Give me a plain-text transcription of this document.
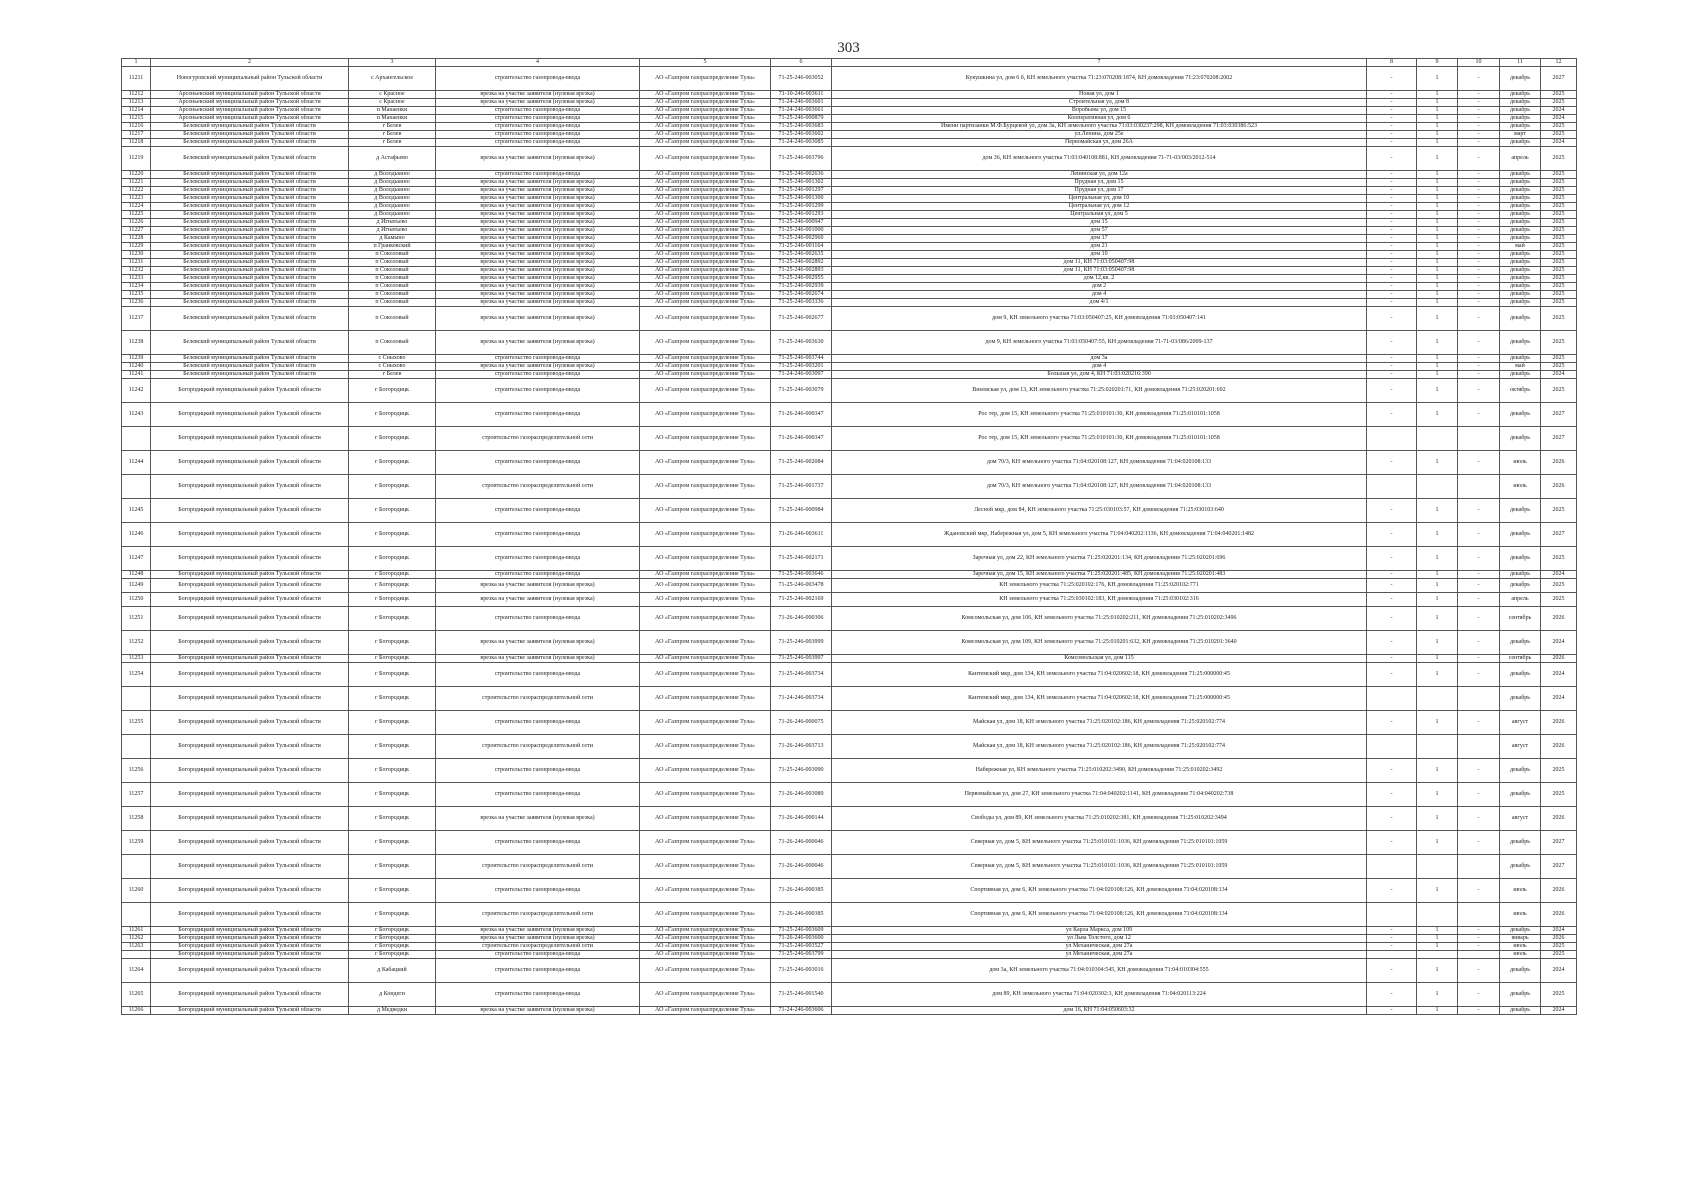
303
1	2	3	4	5	6	7	8	9	10	11	12
11211	Новогуровский муниципальный район Тульской области	с Архангельское	строительство газопровода-ввода	АО «Газпром газораспределение Тула»	71-25-246-003052	Кукушкина ул, дом 6 б, КН земельного участка 71:23:070208:1874, КН домовладения 71:23:070208:2002	-	1	-	декабрь	2027
11212	Арсеньевский муниципальный район Тульской области	с Красное	врезка на участке заявителя (нулевая врезка)	АО «Газпром газораспределение Тула»	71-10-246-003611	Новая ул, дом 1	-	1	-	декабрь	2025
11213	Арсеньевский муниципальный район Тульской области	с Красное	врезка на участке заявителя (нулевая врезка)	АО «Газпром газораспределение Тула»	71-24-246-003601	Строительная ул, дом 8	-	1	-	декабрь	2025
11214	Арсеньевский муниципальный район Тульской области	п Манаенки	строительство газопровода-ввода	АО «Газпром газораспределение Тула»	71-24-246-003661	Воробьева ул, дом 15	-	1	-	декабрь	2024
11215	Арсеньевский муниципальный район Тульской области	п Манаенки	строительство газопровода-ввода	АО «Газпром газораспределение Тула»	71-25-246-000879	Кооперативная ул, дом 6	-	1	-	декабрь	2024
11216	Белевский муниципальный район Тульской области	г Белев	строительство газопровода-ввода	АО «Газпром газораспределение Тула»	71-25-246-003683	Имени партизанки М.Ф.Бурцевой ул, дом 3а, КН земельного участка 71:03:030237:298, КН домовладения 71:03:030386:523	-	1	-	декабрь	2025
11217	Белевский муниципальный район Тульской области	г Белев	строительство газопровода-ввода	АО «Газпром газораспределение Тула»	71-25-246-003602	ул.Ленина, дом 25е	-	1	-	март	2025
11218	Белевский муниципальный район Тульской области	г Белев	строительство газопровода-ввода	АО «Газпром газораспределение Тула»	71-24-246-003085	Первомайская ул, дом 26А	-	1	-	декабрь	2024
11219	Белевский муниципальный район Тульской области	д Астафьево	врезка на участке заявителя (нулевая врезка)	АО «Газпром газораспределение Тула»	71-25-246-003796	дом 36, КН земельного участка 71:03:040108:881, КН домовладения 71-71-03/003/2012-514	-	1	-	апрель	2025
11220	Белевский муниципальный район Тульской области	д Володькино	строительство газопровода-ввода	АО «Газпром газораспределение Тула»	71-25-246-002636	Ленинская ул, дом 12а	-	1	-	декабрь	2025
11221	Белевский муниципальный район Тульской области	д Володькино	врезка на участке заявителя (нулевая врезка)	АО «Газпром газораспределение Тула»	71-25-246-001302	Прудная ул, дом 15	-	1	-	декабрь	2025
11222	Белевский муниципальный район Тульской области	д Володькино	врезка на участке заявителя (нулевая врезка)	АО «Газпром газораспределение Тула»	71-25-246-001297	Прудная ул, дом 17	-	1	-	декабрь	2025
11223	Белевский муниципальный район Тульской области	д Володькино	врезка на участке заявителя (нулевая врезка)	АО «Газпром газораспределение Тула»	71-25-246-001300	Центральная ул, дом 10	-	1	-	декабрь	2025
11224	Белевский муниципальный район Тульской области	д Володькино	врезка на участке заявителя (нулевая врезка)	АО «Газпром газораспределение Тула»	71-25-246-001299	Центральная ул, дом 12	-	1	-	декабрь	2025
11225	Белевский муниципальный район Тульской области	д Володькино	врезка на участке заявителя (нулевая врезка)	АО «Газпром газораспределение Тула»	71-25-246-001293	Центральная ул, дом 5	-	1	-	декабрь	2025
11226	Белевский муниципальный район Тульской области	д Игнатьево	врезка на участке заявителя (нулевая врезка)	АО «Газпром газораспределение Тула»	71-25-246-000947	дом 15	-	1	-	декабрь	2025
11227	Белевский муниципальный район Тульской области	д Игнатьево	врезка на участке заявителя (нулевая врезка)	АО «Газпром газораспределение Тула»	71-25-246-001000	дом 57	-	1	-	декабрь	2025
11228	Белевский муниципальный район Тульской области	д Камыно	врезка на участке заявителя (нулевая врезка)	АО «Газпром газораспределение Тула»	71-25-246-002960	дом 17	-	1	-	декабрь	2025
11229	Белевский муниципальный район Тульской области	п Гранковский	врезка на участке заявителя (нулевая врезка)	АО «Газпром газораспределение Тула»	71-25-246-001164	дом 21	-	1	-	май	2025
11230	Белевский муниципальный район Тульской области	п Соколовый	врезка на участке заявителя (нулевая врезка)	АО «Газпром газораспределение Тула»	71-25-246-002635	дом 10	-	1	-	декабрь	2025
11231	Белевский муниципальный район Тульской области	п Соколовый	врезка на участке заявителя (нулевая врезка)	АО «Газпром газораспределение Тула»	71-25-246-002892	дом 11, КН 71:03:050407:98	-	1	-	декабрь	2025
11232	Белевский муниципальный район Тульской области	п Соколовый	врезка на участке заявителя (нулевая врезка)	АО «Газпром газораспределение Тула»	71-25-246-002893	дом 11, КН 71:03:050407:98	-	1	-	декабрь	2025
11233	Белевский муниципальный район Тульской области	п Соколовый	врезка на участке заявителя (нулевая врезка)	АО «Газпром газораспределение Тула»	71-25-246-002955	дом 12,кв. 2	-	1	-	декабрь	2025
11234	Белевский муниципальный район Тульской области	п Соколовый	врезка на участке заявителя (нулевая врезка)	АО «Газпром газораспределение Тула»	71-25-246-002939	дом 2	-	1	-	декабрь	2025
11235	Белевский муниципальный район Тульской области	п Соколовый	врезка на участке заявителя (нулевая врезка)	АО «Газпром газораспределение Тула»	71-25-246-002674	дом 4	-	1	-	декабрь	2025
11236	Белевский муниципальный район Тульской области	п Соколовый	врезка на участке заявителя (нулевая врезка)	АО «Газпром газораспределение Тула»	71-25-246-003336	дом 4/1	-	1	-	декабрь	2025
11237	Белевский муниципальный район Тульской области	п Соколовый	врезка на участке заявителя (нулевая врезка)	АО «Газпром газораспределение Тула»	71-25-246-002677	дом 9, КН земельного участка 71:03:050407:25, КН домовладения 71:03:050407:141	-	1	-	декабрь	2025
11238	Белевский муниципальный район Тульской области	п Соколовый	врезка на участке заявителя (нулевая врезка)	АО «Газпром газораспределение Тула»	71-25-246-003630	дом 9, КН земельного участка 71:03:050407:55, КН домовладения 71-71-03/086/2009-137	-	1	-	декабрь	2025
11239	Белевский муниципальный район Тульской области	с Сныхово	строительство газопровода-ввода	АО «Газпром газораспределение Тула»	71-25-246-003744	дом 3а	-	1	-	декабрь	2025
11240	Белевский муниципальный район Тульской области	с Сныхово	врезка на участке заявителя (нулевая врезка)	АО «Газпром газораспределение Тула»	71-25-246-003201	дом 4	-	1	-	май	2025
11241	Белевский муниципальный район Тульской области	г Белев	строительство газопровода-ввода	АО «Газпром газораспределение Тула»	71-24-246-003097	Большая ул, дом 4, КН 71:03:020216:390	-	1	-	декабрь	2024
11242	Богородицкий муниципальный район Тульской области	г Богородицк	строительство газопровода-ввода	АО «Газпром газораспределение Тула»	71-25-246-003079	Вяземская ул, дом 13, КН земельного участка 71:25:020201:71, КН домовладения 71:25:020201:692	-	1	-	октябрь	2025
11243	Богородицкий муниципальный район Тульской области	г Богородицк	строительство газопровода-ввода	АО «Газпром газораспределение Тула»	71-26-246-000347	Рос тер, дом 15, КН земельного участка 71:25:010101:30, КН домовладения 71:25:010101:1058	-	1	-	декабрь	2027
	Богородицкий муниципальный район Тульской области	г Богородицк	строительство газораспределительной сети	АО «Газпром газораспределение Тула»	71-26-246-000347	Рос тер, дом 15, КН земельного участка 71:25:010101:30, КН домовладения 71:25:010101:1058				декабрь	2027
11244	Богородицкий муниципальный район Тульской области	г Богородицк	строительство газопровода-ввода	АО «Газпром газораспределение Тула»	71-25-246-002084	дом 70/3, КН земельного участка 71:04:020108:127, КН домовладения 71:04:020108:133	-	1	-	июль	2026
	Богородицкий муниципальный район Тульской области	г Богородицк	строительство газораспределительной сети	АО «Газпром газораспределение Тула»	71-25-246-001737	дом 70/3, КН земельного участка 71:04:020108:127, КН домовладения 71:04:020108:133				июль	2026
11245	Богородицкий муниципальный район Тульской области	г Богородицк	строительство газопровода-ввода	АО «Газпром газораспределение Тула»	71-25-246-000984	Лесной мкр, дом 84, КН земельного участка 71:25:030103:57, КН домовладения 71:25:030103:640	-	1	-	декабрь	2025
11246	Богородицкий муниципальный район Тульской области	г Богородицк	строительство газопровода-ввода	АО «Газпром газораспределение Тула»	71-26-246-003611	Ждановский мкр, Набережная ул, дом 5, КН земельного участка 71:04:040202:1136, КН домовладения 71:04:040201:1482	-	1	-	декабрь	2027
11247	Богородицкий муниципальный район Тульской области	г Богородицк	строительство газопровода-ввода	АО «Газпром газораспределение Тула»	71-25-246-002171	Заречная ул, дом 22, КН земельного участка 71:25:020201:134, КН домовладения 71:25:020201:696	-	1	-	декабрь	2025
11248	Богородицкий муниципальный район Тульской области	г Богородицк	строительство газопровода-ввода	АО «Газпром газораспределение Тула»	71-25-246-003646	Заречная ул, дом 15, КН земельного участка 71:25:020201:485, КН домовладения 71:25:020201:483	-	1	-	декабрь	2024
11249	Богородицкий муниципальный район Тульской области	г Богородицк	врезка на участке заявителя (нулевая врезка)	АО «Газпром газораспределение Тула»	71-25-246-003478	КН земельного участка 71:25:020102:176, КН домовладения 71:25:020102:771	-	1	-	декабрь	2025
11250	Богородицкий муниципальный район Тульской области	г Богородицк	врезка на участке заявителя (нулевая врезка)	АО «Газпром газораспределение Тула»	71-25-246-002169	КН земельного участка 71:25:030102:183, КН домовладения 71:25:030102:316	-	1	-	апрель	2025
11251	Богородицкий муниципальный район Тульской области	г Богородицк	строительство газопровода-ввода	АО «Газпром газораспределение Тула»	71-26-246-000306	Комсомольская ул, дом 106, КН земельного участка 71:25:010202:211, КН домовладения 71:25:010202:3496	-	1	-	сентябрь	2026
11252	Богородицкий муниципальный район Тульской области	г Богородицк	врезка на участке заявителя (нулевая врезка)	АО «Газпром газораспределение Тула»	71-25-246-003999	Комсомольская ул, дом 109, КН земельного участка 71:25:010201:632, КН домовладения 71:25:010201:3640	-	1	-	декабрь	2024
11253	Богородицкий муниципальный район Тульской области	г Богородицк	врезка на участке заявителя (нулевая врезка)	АО «Газпром газораспределение Тула»	71-25-246-003997	Комсомольская ул, дом 115	-	1	-	сентябрь	2026
11254	Богородицкий муниципальный район Тульской области	г Богородицк	строительство газопровода-ввода	АО «Газпром газораспределение Тула»	71-25-246-003734	Кантемский мкр, дом 134, КН земельного участка 71:04:020602:18, КН домовладения 71:25:000000:45	-	1	-	декабрь	2024
	Богородицкий муниципальный район Тульской области	г Богородицк	строительство газораспределительной сети	АО «Газпром газораспределение Тула»	71-24-246-003734	Кантемский мкр, дом 134, КН земельного участка 71:04:020602:18, КН домовладения 71:25:000000:45				декабрь	2024
11255	Богородицкий муниципальный район Тульской области	г Богородицк	строительство газопровода-ввода	АО «Газпром газораспределение Тула»	71-26-246-000075	Майская ул, дом 18, КН земельного участка 71:25:020102:186, КН домовладения 71:25:020102:774	-	1	-	август	2026
	Богородицкий муниципальный район Тульской области	г Богородицк	строительство газораспределительной сети	АО «Газпром газораспределение Тула»	71-26-246-003713	Майская ул, дом 18, КН земельного участка 71:25:020102:186, КН домовладения 71:25:020102:774				август	2026
11256	Богородицкий муниципальный район Тульской области	г Богородицк	строительство газопровода-ввода	АО «Газпром газораспределение Тула»	71-25-246-003090	Набережная ул, КН земельного участка 71:25:010202:3490, КН домовладения 71:25:010202:3492	-	1	-	декабрь	2025
11257	Богородицкий муниципальный район Тульской области	г Богородицк	строительство газопровода-ввода	АО «Газпром газораспределение Тула»	71-26-246-003089	Первомайская ул, дом 27, КН земельного участка 71:04:040202:1141, КН домовладения 71:04:040202:738	-	1	-	декабрь	2025
11258	Богородицкий муниципальный район Тульской области	г Богородицк	врезка на участке заявителя (нулевая врезка)	АО «Газпром газораспределение Тула»	71-26-246-000144	Свободы ул, дом 89, КН земельного участка 71:25:010202:381, КН домовладения 71:25:010202:3494	-	1	-	август	2026
11259	Богородицкий муниципальный район Тульской области	г Богородицк	строительство газопровода-ввода	АО «Газпром газораспределение Тула»	71-26-246-000046	Северная ул, дом 5, КН земельного участка 71:25:010101:1036, КН домовладения 71:25:010101:1059	-	1	-	декабрь	2027
	Богородицкий муниципальный район Тульской области	г Богородицк	строительство газораспределительной сети	АО «Газпром газораспределение Тула»	71-26-246-000046	Северная ул, дом 5, КН земельного участка 71:25:010101:1036, КН домовладения 71:25:010101:1059				декабрь	2027
11260	Богородицкий муниципальный район Тульской области	г Богородицк	строительство газопровода-ввода	АО «Газпром газораспределение Тула»	71-26-246-000385	Спортивная ул, дом 6, КН земельного участка 71:04:020108:126, КН домовладения 71:04:020108:134	-	1	-	июль	2026
	Богородицкий муниципальный район Тульской области	г Богородицк	строительство газораспределительной сети	АО «Газпром газораспределение Тула»	71-26-246-000385	Спортивная ул, дом 6, КН земельного участка 71:04:020108:126, КН домовладения 71:04:020108:134				июль	2026
11261	Богородицкий муниципальный район Тульской области	г Богородицк	врезка на участке заявителя (нулевая врезка)	АО «Газпром газораспределение Тула»	71-25-246-003609	ул Карла Маркса, дом 109	-	1	-	декабрь	2024
11262	Богородицкий муниципальный район Тульской области	г Богородицк	врезка на участке заявителя (нулевая врезка)	АО «Газпром газораспределение Тула»	71-26-246-003600	ул Льва Толстого, дом 12	-	1	-	январь	2026
11263	Богородицкий муниципальный район Тульской области	г Богородицк	строительство газораспределительной сети	АО «Газпром газораспределение Тула»	71-25-246-003527	ул Механическая, дом 27а	-	1	-	июль	2025
	Богородицкий муниципальный район Тульской области	г Богородицк	строительство газопровода-ввода	АО «Газпром газораспределение Тула»	71-25-246-003799	ул Механическая, дом 27а				июль	2025
11264	Богородицкий муниципальный район Тульской области	д Кабацкий	строительство газопровода-ввода	АО «Газпром газораспределение Тула»	71-25-246-003016	дом 3а, КН земельного участка 71:04:010304:545, КН домовладения 71:04:010304:555	-	1	-	декабрь	2024
11265	Богородицкий муниципальный район Тульской области	д Кондеги	строительство газопровода-ввода	АО «Газпром газораспределение Тула»	71-25-246-001540	дом 89, КН земельного участка 71:04:020302:3, КН домовладения 71:04:020113:224	-	1	-	декабрь	2025
11266	Богородицкий муниципальный район Тульской области	д Медведки	врезка на участке заявителя (нулевая врезка)	АО «Газпром газораспределение Тула»	71-24-246-003606	дом 16, КН 71:04:050603:32	-	1	-	декабрь	2024
